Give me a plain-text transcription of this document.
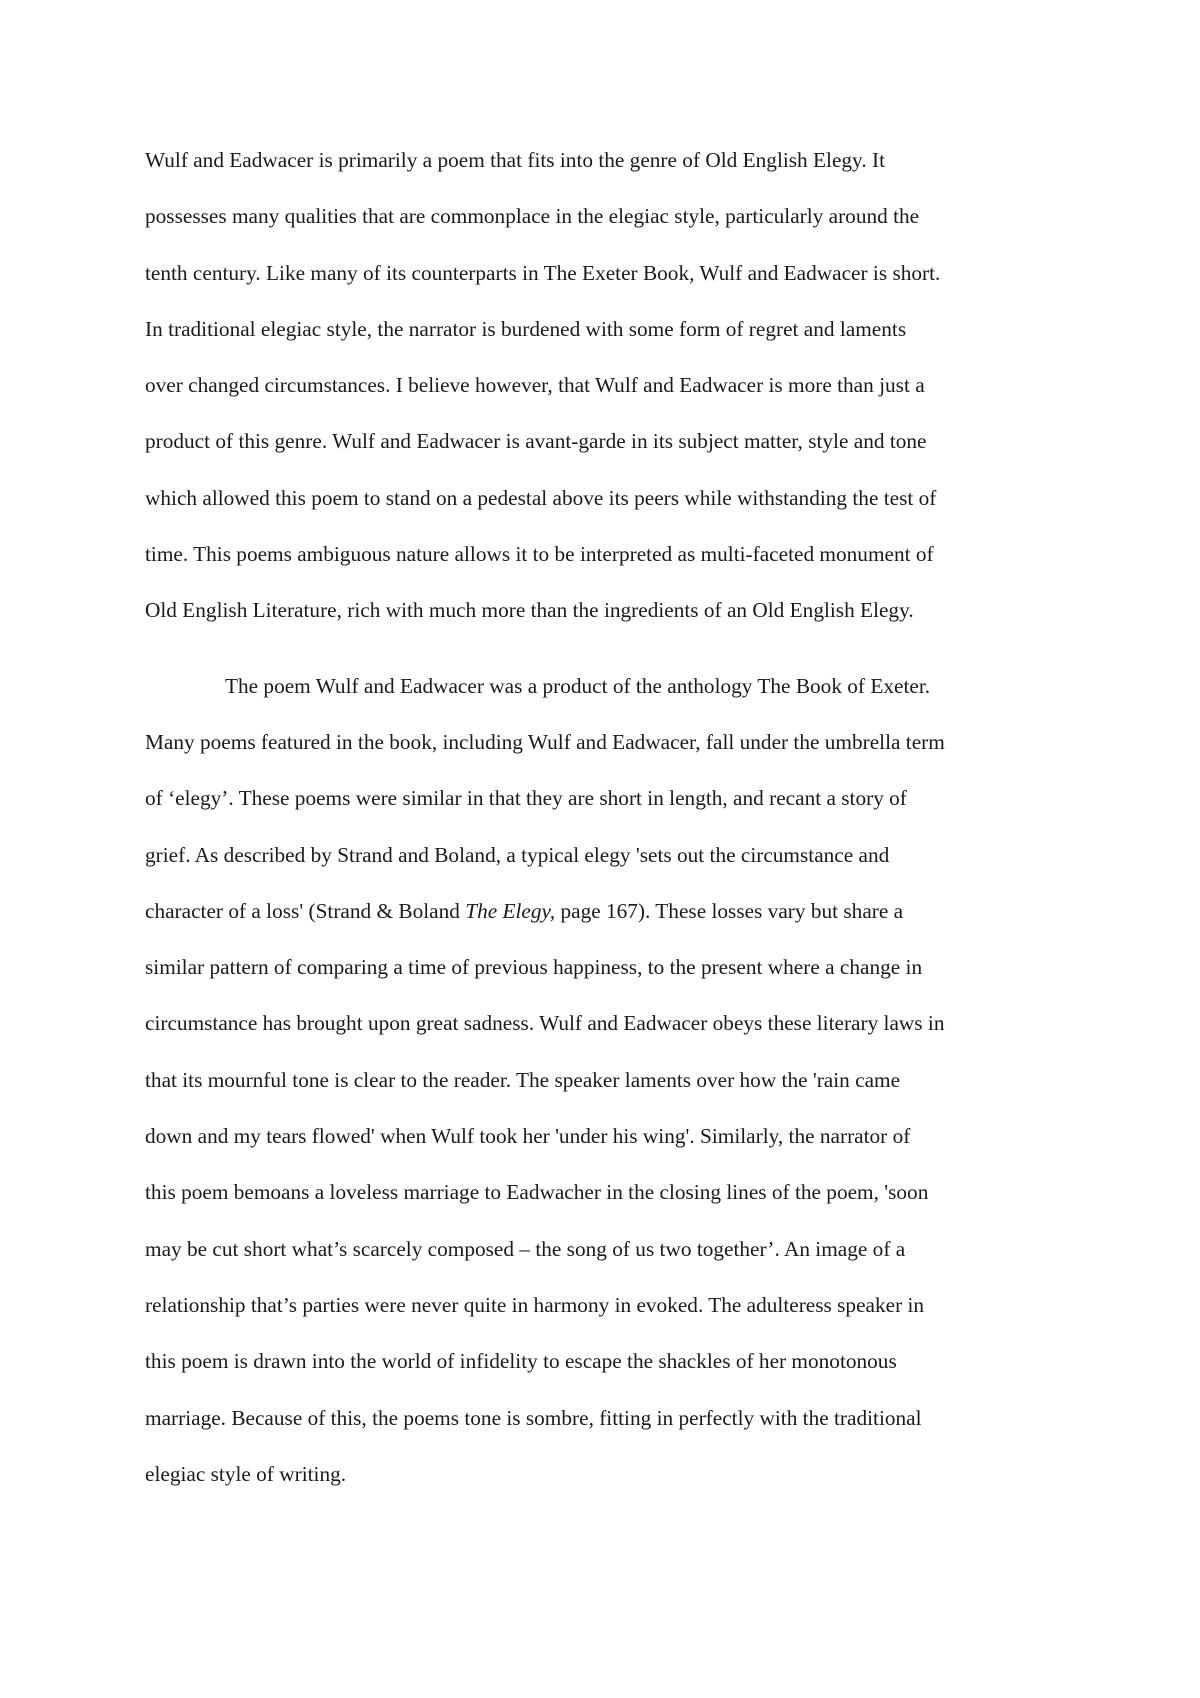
Wulf and Eadwacer is primarily a poem that fits into the genre of Old English Elegy. It
possesses many qualities that are commonplace in the elegiac style, particularly around the
tenth century. Like many of its counterparts in The Exeter Book, Wulf and Eadwacer is short.
In traditional elegiac style, the narrator is burdened with some form of regret and laments
over changed circumstances. I believe however, that Wulf and Eadwacer is more than just a
product of this genre. Wulf and Eadwacer is avant-garde in its subject matter, style and tone
which allowed this poem to stand on a pedestal above its peers while withstanding the test of
time. This poems ambiguous nature allows it to be interpreted as multi-faceted monument of
Old English Literature, rich with much more than the ingredients of an Old English Elegy.
The poem Wulf and Eadwacer was a product of the anthology The Book of Exeter.
Many poems featured in the book, including Wulf and Eadwacer, fall under the umbrella term
of ‘elegy’. These poems were similar in that they are short in length, and recant a story of
grief. As described by Strand and Boland, a typical elegy 'sets out the circumstance and
character of a loss' (Strand & Boland The Elegy, page 167). These losses vary but share a
similar pattern of comparing a time of previous happiness, to the present where a change in
circumstance has brought upon great sadness. Wulf and Eadwacer obeys these literary laws in
that its mournful tone is clear to the reader. The speaker laments over how the 'rain came
down and my tears flowed' when Wulf took her 'under his wing'. Similarly, the narrator of
this poem bemoans a loveless marriage to Eadwacher in the closing lines of the poem, 'soon
may be cut short what’s scarcely composed – the song of us two together’. An image of a
relationship that’s parties were never quite in harmony in evoked. The adulteress speaker in
this poem is drawn into the world of infidelity to escape the shackles of her monotonous
marriage. Because of this, the poems tone is sombre, fitting in perfectly with the traditional
elegiac style of writing.
